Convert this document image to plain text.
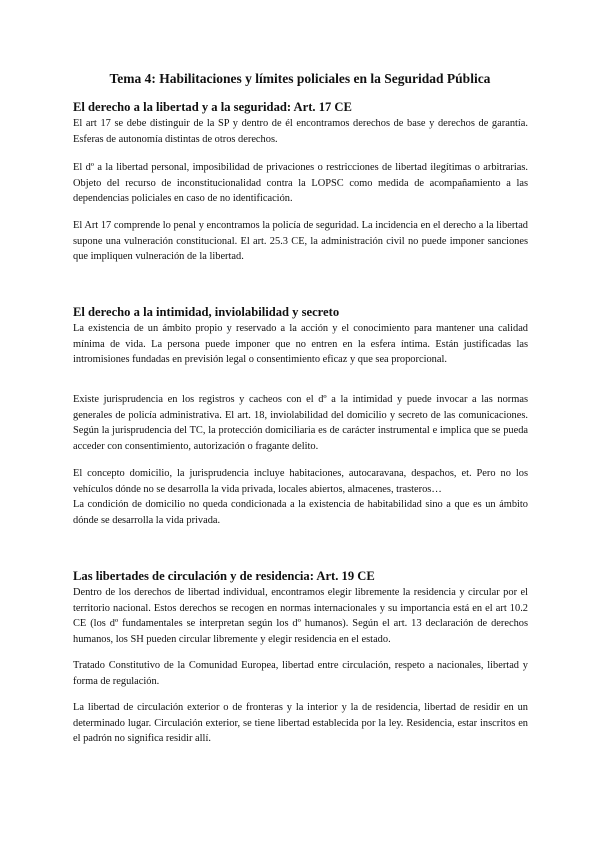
Tema 4: Habilitaciones y límites policiales en la Seguridad Pública
El derecho a la libertad y a la seguridad: Art. 17 CE

El art 17 se debe distinguir de la SP y dentro de él encontramos derechos de base y derechos de garantía. Esferas de autonomía distintas de otros derechos.

El dº a la libertad personal, imposibilidad de privaciones o restricciones de libertad ilegítimas o arbitrarias. Objeto del recurso de inconstitucionalidad contra la LOPSC como medida de acompañamiento a las dependencias policiales en caso de no identificación.

El Art 17 comprende lo penal y encontramos la policía de seguridad. La incidencia en el derecho a la libertad supone una vulneración constitucional. El art. 25.3 CE, la administración civil no puede imponer sanciones que impliquen vulneración de la libertad.

El derecho a la intimidad, inviolabilidad y secreto

La existencia de un ámbito propio y reservado a la acción y el conocimiento para mantener una calidad mínima de vida. La persona puede imponer que no entren en la esfera íntima. Están justificadas las intromisiones fundadas en previsión legal o consentimiento eficaz y que sea proporcional.

Existe jurisprudencia en los registros y cacheos con el dº a la intimidad y puede invocar a las normas generales de policía administrativa. El art. 18, inviolabilidad del domicilio y secreto de las comunicaciones. Según la jurisprudencia del TC, la protección domiciliaria es de carácter instrumental e implica que se pueda acceder con consentimiento, autorización o fragante delito.

El concepto domicilio, la jurisprudencia incluye habitaciones, autocaravana, despachos, et. Pero no los vehículos dónde no se desarrolla la vida privada, locales abiertos, almacenes, trasteros…

La condición de domicilio no queda condicionada a la existencia de habitabilidad sino a que es un ámbito dónde se desarrolla la vida privada.

Las libertades de circulación y de residencia: Art. 19 CE

Dentro de los derechos de libertad individual, encontramos elegir libremente la residencia y circular por el territorio nacional. Estos derechos se recogen en normas internacionales y su importancia está en el art 10.2 CE (los dº fundamentales se interpretan según los dº humanos). Según el art. 13 declaración de derechos humanos, los SH pueden circular libremente y elegir residencia en el estado.

Tratado Constitutivo de la Comunidad Europea, libertad entre circulación, respeto a nacionales, libertad y forma de regulación.

La libertad de circulación exterior o de fronteras y la interior y la de residencia, libertad de residir en un determinado lugar. Circulación exterior, se tiene libertad establecida por la ley. Residencia, estar inscritos en el padrón no significa residir allí.
